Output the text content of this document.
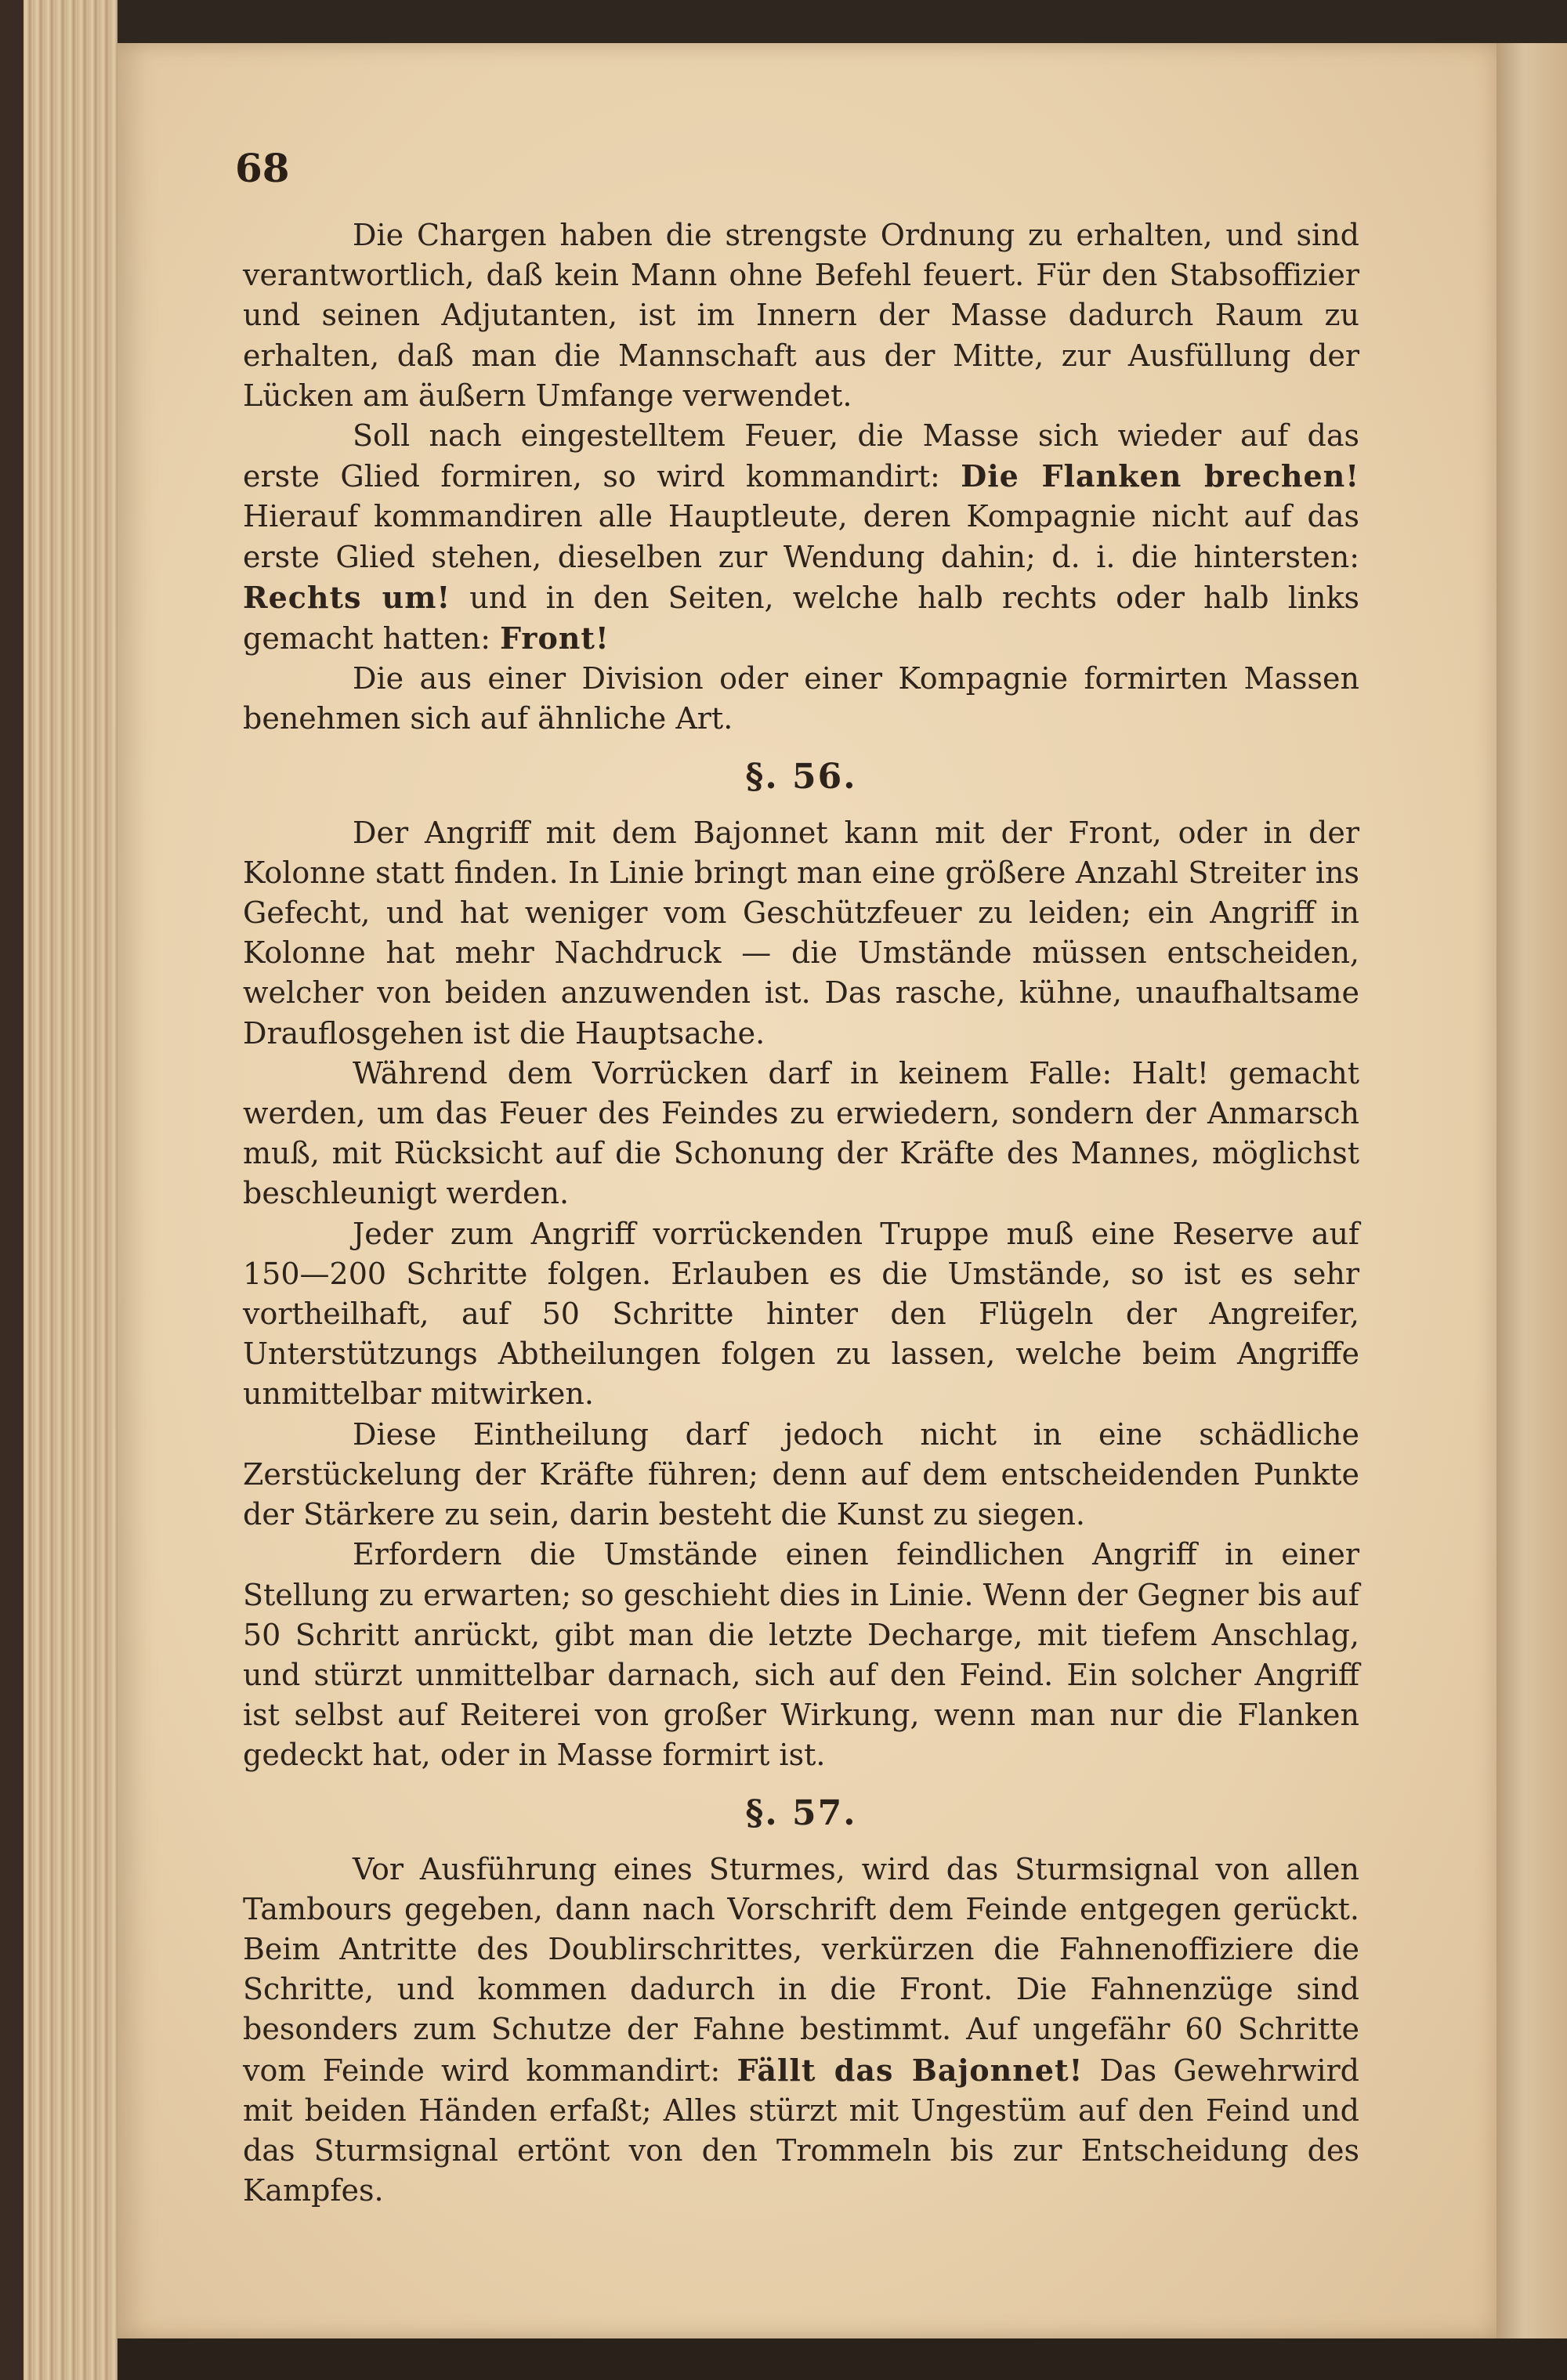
68

Die Chargen haben die strengste Ordnung zu erhalten, und sind verantwortlich, daß kein Mann ohne Befehl feuert. Für den Stabsoffizier und seinen Adjutanten, ist im Innern der Masse dadurch Raum zu erhalten, daß man die Mannschaft aus der Mitte, zur Ausfüllung der Lücken am äußern Umfange verwendet.

Soll nach eingestelltem Feuer, die Masse sich wieder auf das erste Glied formiren, so wird kommandirt: Die Flanken brechen! Hierauf kommandiren alle Hauptleute, deren Kompagnie nicht auf das erste Glied stehen, dieselben zur Wendung dahin; d. i. die hintersten: Rechts um! und in den Seiten, welche halb rechts oder halb links gemacht hatten: Front!

Die aus einer Division oder einer Kompagnie formirten Massen benehmen sich auf ähnliche Art.

§. 56.

Der Angriff mit dem Bajonnet kann mit der Front, oder in der Kolonne statt finden. In Linie bringt man eine größere Anzahl Streiter ins Gefecht, und hat weniger vom Geschützfeuer zu leiden; ein Angriff in Kolonne hat mehr Nachdruck — die Umstände müssen entscheiden, welcher von beiden anzuwenden ist. Das rasche, kühne, unaufhaltsame Drauflosgehen ist die Hauptsache.

Während dem Vorrücken darf in keinem Falle: Halt! gemacht werden, um das Feuer des Feindes zu erwiedern, sondern der Anmarsch muß, mit Rücksicht auf die Schonung der Kräfte des Mannes, möglichst beschleunigt werden.

Jeder zum Angriff vorrückenden Truppe muß eine Reserve auf 150—200 Schritte folgen. Erlauben es die Umstände, so ist es sehr vortheilhaft, auf 50 Schritte hinter den Flügeln der Angreifer, Unterstützungs Abtheilungen folgen zu lassen, welche beim Angriffe unmittelbar mitwirken.

Diese Eintheilung darf jedoch nicht in eine schädliche Zerstückelung der Kräfte führen; denn auf dem entscheidenden Punkte der Stärkere zu sein, darin besteht die Kunst zu siegen.

Erfordern die Umstände einen feindlichen Angriff in einer Stellung zu erwarten; so geschieht dies in Linie. Wenn der Gegner bis auf 50 Schritt anrückt, gibt man die letzte Decharge, mit tiefem Anschlag, und stürzt unmittelbar darnach, sich auf den Feind. Ein solcher Angriff ist selbst auf Reiterei von großer Wirkung, wenn man nur die Flanken gedeckt hat, oder in Masse formirt ist.

§. 57.

Vor Ausführung eines Sturmes, wird das Sturmsignal von allen Tambours gegeben, dann nach Vorschrift dem Feinde entgegen gerückt. Beim Antritte des Doublirschrittes, verkürzen die Fahnenoffiziere die Schritte, und kommen dadurch in die Front. Die Fahnenzüge sind besonders zum Schutze der Fahne bestimmt. Auf ungefähr 60 Schritte vom Feinde wird kommandirt: Fällt das Bajonnet! Das Gewehrwird mit beiden Händen erfaßt; Alles stürzt mit Ungestüm auf den Feind und das Sturmsignal ertönt von den Trommeln bis zur Entscheidung des Kampfes.
